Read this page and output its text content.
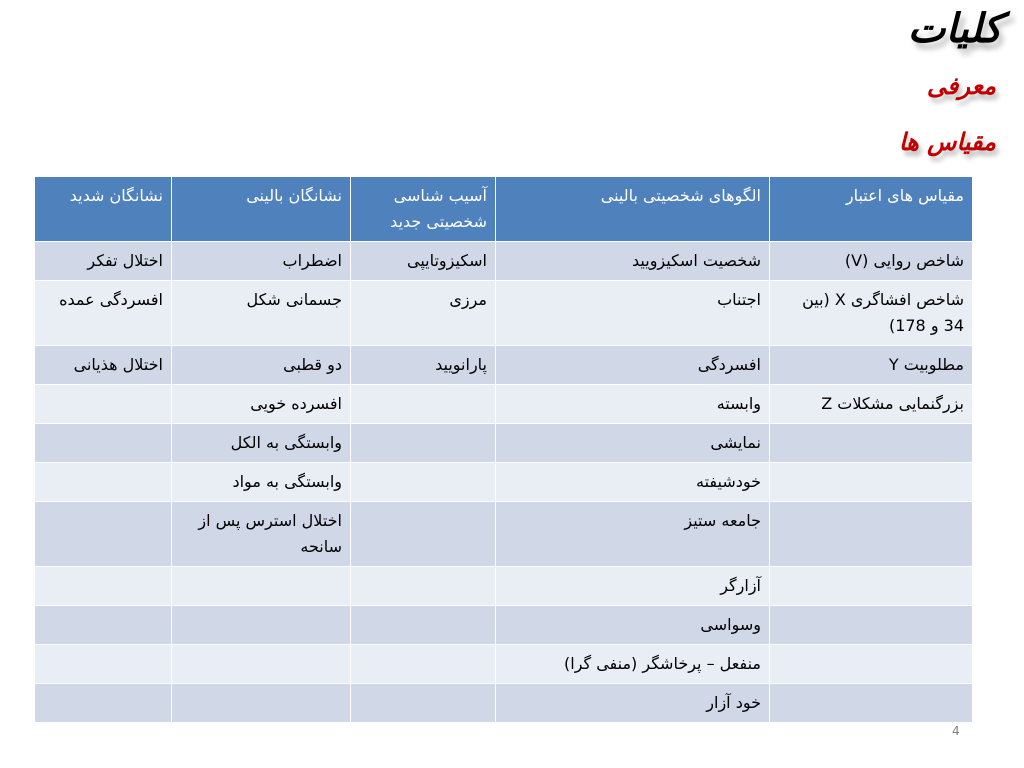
کلیات
معرفی
مقیاس ها
مقیاس های اعتبار	الگوهای شخصیتی بالینی	آسیب شناسی شخصیتی جدید	نشانگان بالینی	نشانگان شدید
شاخص روایی (V)	شخصیت اسکیزویید	اسکیزوتایپی	اضطراب	اختلال تفکر
شاخص افشاگری X (بین 34 و 178)	اجتناب	مرزی	جسمانی شکل	افسردگی عمده
مطلوبیت Y	افسردگی	پارانویید	دو قطبی	اختلال هذیانی
بزرگنمایی مشکلات Z	وابسته		افسرده خویی	
	نمایشی		وابستگی به الکل	
	خودشیفته		وابستگی به مواد	
	جامعه ستیز		اختلال استرس پس از سانحه	
	آزارگر			
	وسواسی			
	منفعل – پرخاشگر (منفی گرا)			
	خود آزار			
4
